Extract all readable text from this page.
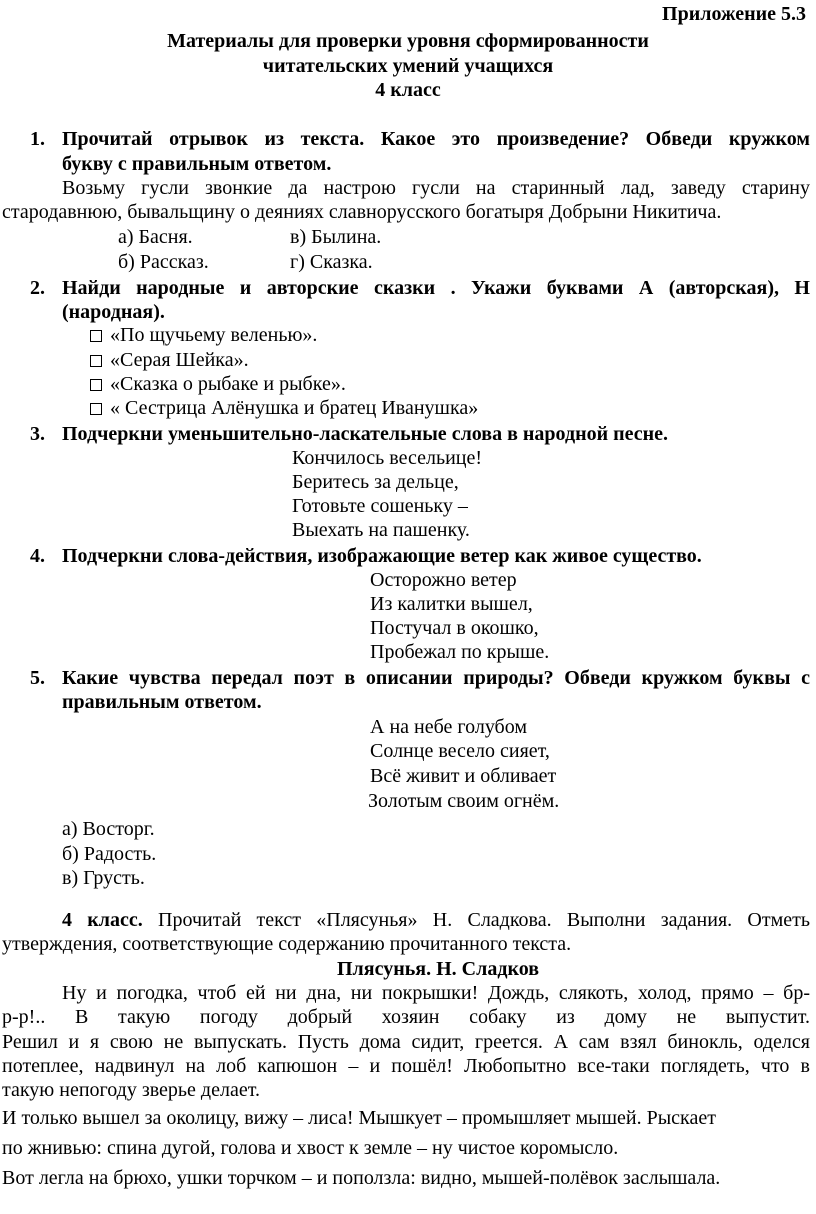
Приложение 5.3
Материалы для проверки уровня сформированности
читательских умений учащихся
4 класс
1. Прочитай отрывок из текста. Какое это произведение? Обведи кружком
букву с правильным ответом.
Возьму гусли звонкие да настрою гусли на старинный лад, заведу старину
стародавнюю, бывальщину о деяниях славнорусского богатыря Добрыни Никитича.
а) Басня.	в) Былина.
б) Рассказ.	г) Сказка.
2. Найди народные и авторские сказки . Укажи буквами А (авторская), Н
(народная).
«По щучьему веленью».
«Серая Шейка».
«Сказка о рыбаке и рыбке».
« Сестрица Алёнушка и братец Иванушка»
3. Подчеркни уменьшительно-ласкательные слова в народной песне.
Кончилось весельице!
Беритесь за дельце,
Готовьте сошеньку –
Выехать на пашенку.
4. Подчеркни слова-действия, изображающие ветер как живое существо.
Осторожно ветер
Из калитки вышел,
Постучал в окошко,
Пробежал по крыше.
5. Какие чувства передал поэт в описании природы? Обведи кружком буквы с
правильным ответом.
А на небе голубом
Солнце весело сияет,
Всё живит и обливает
Золотым своим огнём.
а) Восторг.
б) Радость.
в) Грусть.
4 класс. Прочитай текст «Плясунья» Н. Сладкова. Выполни задания. Отметь
утверждения, соответствующие содержанию прочитанного текста.
Плясунья. Н. Сладков
Ну и погодка, чтоб ей ни дна, ни покрышки! Дождь, слякоть, холод, прямо – бр-
р-р!.. В такую погоду добрый хозяин собаку из дому не выпустит.
Решил и я свою не выпускать. Пусть дома сидит, греется. А сам взял бинокль, оделся
потеплее, надвинул на лоб капюшон – и пошёл! Любопытно все-таки поглядеть, что в
такую непогоду зверье делает.
И только вышел за околицу, вижу – лиса! Мышкует – промышляет мышей. Рыскает
по жнивью: спина дугой, голова и хвост к земле – ну чистое коромысло.
Вот легла на брюхо, ушки торчком – и поползла: видно, мышей-полёвок заслышала.
